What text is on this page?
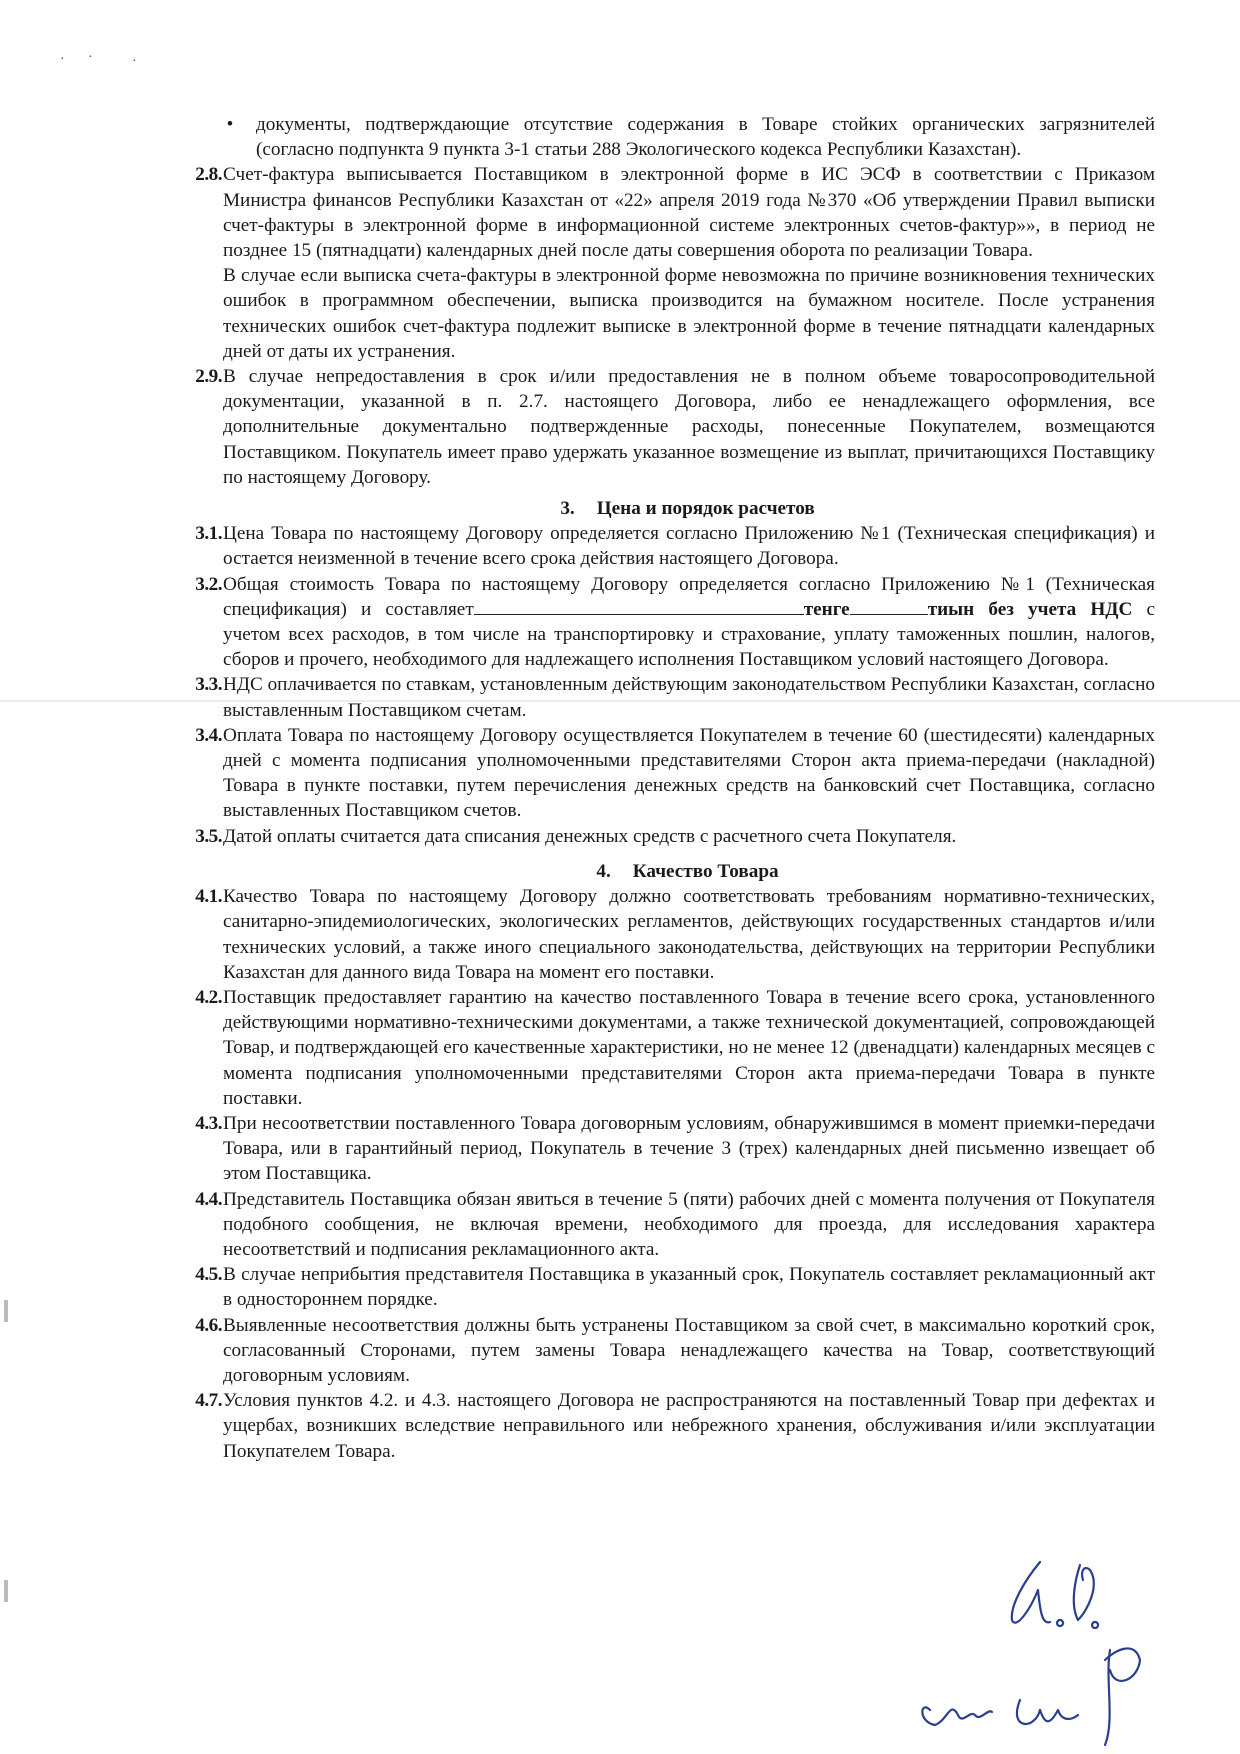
· ·	·
•	документы, подтверждающие отсутствие содержания в Товаре стойких органических загрязнителей (согласно подпункта 9 пункта 3-1 статьи 288 Экологического кодекса Республики Казахстан).
2.8. Счет-фактура выписывается Поставщиком в электронной форме в ИС ЭСФ в соответствии с Приказом Министра финансов Республики Казахстан от «22» апреля 2019 года №370 «Об утверждении Правил выписки счет-фактуры в электронной форме в информационной системе электронных счетов-фактур»», в период не позднее 15 (пятнадцати) календарных дней после даты совершения оборота по реализации Товара.

В случае если выписка счета-фактуры в электронной форме невозможна по причине возникновения технических ошибок в программном обеспечении, выписка производится на бумажном носителе. После устранения технических ошибок счет-фактура подлежит выписке в электронной форме в течение пятнадцати календарных дней от даты их устранения.

2.9. В случае непредоставления в срок и/или предоставления не в полном объеме товаросопроводительной документации, указанной в п. 2.7. настоящего Договора, либо ее ненадлежащего оформления, все дополнительные документально подтвержденные расходы, понесенные Покупателем, возмещаются Поставщиком. Покупатель имеет право удержать указанное возмещение из выплат, причитающихся Поставщику по настоящему Договору.

3. Цена и порядок расчетов
3.1. Цена Товара по настоящему Договору определяется согласно Приложению №1 (Техническая спецификация) и остается неизменной в течение всего срока действия настоящего Договора.

3.2. Общая стоимость Товара по настоящему Договору определяется согласно Приложению №1 (Техническая спецификация) и составляет	тенге	тиын без учета НДС с учетом всех расходов, в том числе на транспортировку и страхование, уплату таможенных пошлин, налогов, сборов и прочего, необходимого для надлежащего исполнения Поставщиком условий настоящего Договора.

3.3. НДС оплачивается по ставкам, установленным действующим законодательством Республики Казахстан, согласно выставленным Поставщиком счетам.

3.4. Оплата Товара по настоящему Договору осуществляется Покупателем в течение 60 (шестидесяти) календарных дней с момента подписания уполномоченными представителями Сторон акта приема-передачи (накладной) Товара в пункте поставки, путем перечисления денежных средств на банковский счет Поставщика, согласно выставленных Поставщиком счетов.

3.5. Датой оплаты считается дата списания денежных средств с расчетного счета Покупателя.

4. Качество Товара
4.1. Качество Товара по настоящему Договору должно соответствовать требованиям нормативно-технических, санитарно-эпидемиологических, экологических регламентов, действующих государственных стандартов и/или технических условий, а также иного специального законодательства, действующих на территории Республики Казахстан для данного вида Товара на момент его поставки.

4.2. Поставщик предоставляет гарантию на качество поставленного Товара в течение всего срока, установленного действующими нормативно-техническими документами, а также технической документацией, сопровождающей Товар, и подтверждающей его качественные характеристики, но не менее 12 (двенадцати) календарных месяцев с момента подписания уполномоченными представителями Сторон акта приема-передачи Товара в пункте поставки.

4.3. При несоответствии поставленного Товара договорным условиям, обнаружившимся в момент приемки-передачи Товара, или в гарантийный период, Покупатель в течение 3 (трех) календарных дней письменно извещает об этом Поставщика.

4.4. Представитель Поставщика обязан явиться в течение 5 (пяти) рабочих дней с момента получения от Покупателя подобного сообщения, не включая времени, необходимого для проезда, для исследования характера несоответствий и подписания рекламационного акта.

4.5. В случае неприбытия представителя Поставщика в указанный срок, Покупатель составляет рекламационный акт в одностороннем порядке.

4.6. Выявленные несоответствия должны быть устранены Поставщиком за свой счет, в максимально короткий срок, согласованный Сторонами, путем замены Товара ненадлежащего качества на Товар, соответствующий договорным условиям.

4.7. Условия пунктов 4.2. и 4.3. настоящего Договора не распространяются на поставленный Товар при дефектах и ущербах, возникших вследствие неправильного или небрежного хранения, обслуживания и/или эксплуатации Покупателем Товара.
